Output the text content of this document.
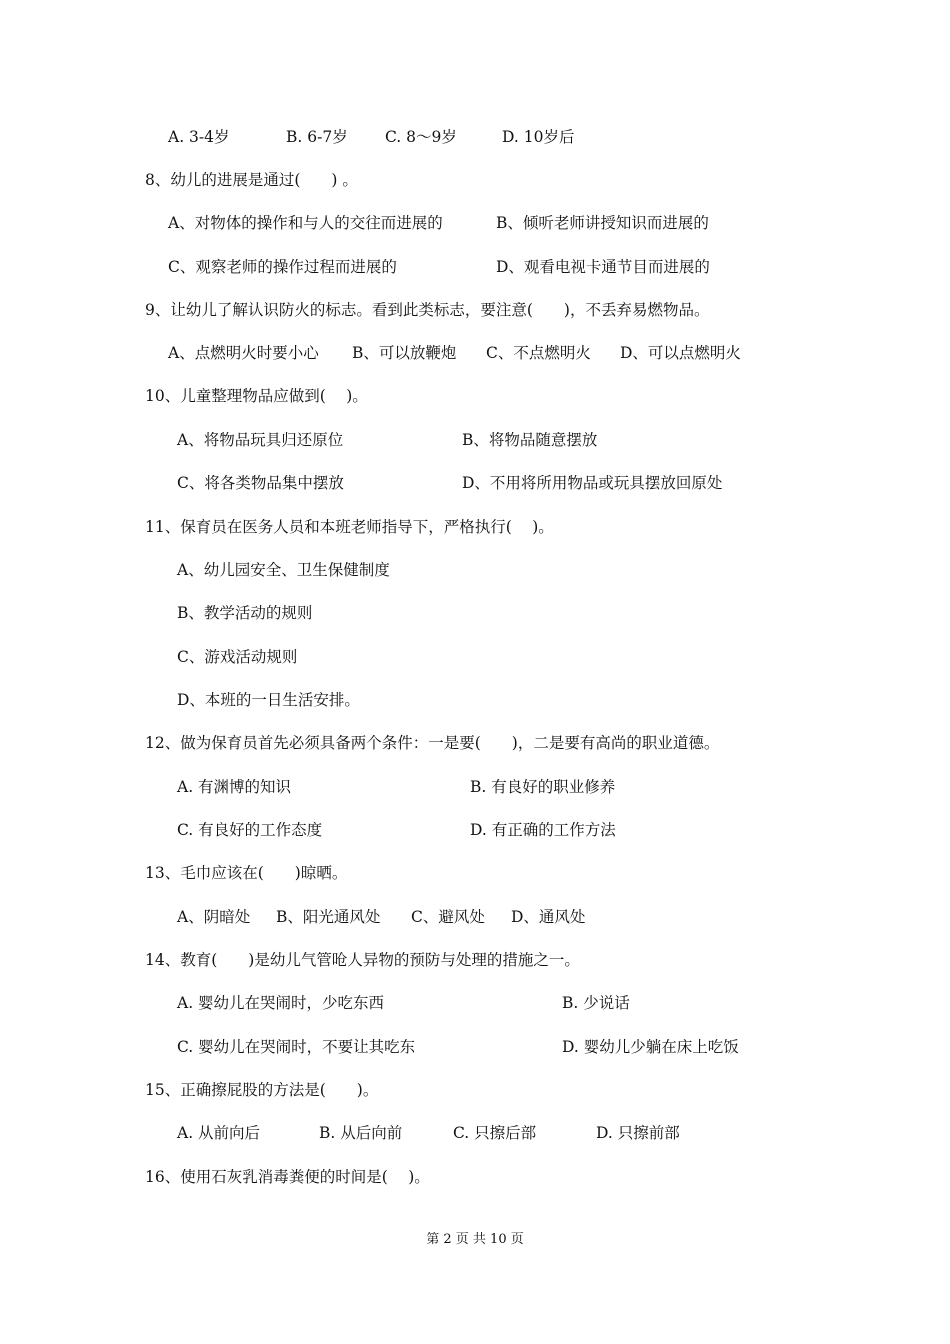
A. 3-4岁	B. 6-7岁 C. 8～9岁	D. 10岁后
8、幼儿的进展是通过(　　) 。
A、对物体的操作和与人的交往而进展的	B、倾听老师讲授知识而进展的
C、观察老师的操作过程而进展的	D、观看电视卡通节目而进展的
9、让幼儿了解认识防火的标志。看到此类标志，要注意(　　)，不丢弃易燃物品。
A、点燃明火时要小心 B、可以放鞭炮 C、不点燃明火 D、可以点燃明火
10、儿童整理物品应做到(　 )。
A、将物品玩具归还原位	B、将物品随意摆放
C、将各类物品集中摆放	D、不用将所用物品或玩具摆放回原处
11、保育员在医务人员和本班老师指导下，严格执行(　 )。
A、幼儿园安全、卫生保健制度
B、教学活动的规则
C、游戏活动规则
D、本班的一日生活安排。
12、做为保育员首先必须具备两个条件：一是要(　　)，二是要有高尚的职业道德。
A. 有渊博的知识	B. 有良好的职业修养
C. 有良好的工作态度	D. 有正确的工作方法
13、毛巾应该在(　　)晾晒。
A、阴暗处 B、阳光通风处 C、避风处 D、通风处
14、教育(　　)是幼儿气管呛人异物的预防与处理的措施之一。
A. 婴幼儿在哭闹时，少吃东西	B. 少说话
C. 婴幼儿在哭闹时，不要让其吃东	D. 婴幼儿少躺在床上吃饭
15、正确擦屁股的方法是(　　)。
A. 从前向后	B. 从后向前	C. 只擦后部	D. 只擦前部
16、使用石灰乳消毒粪便的时间是(　 )。
第 2 页 共 10 页
